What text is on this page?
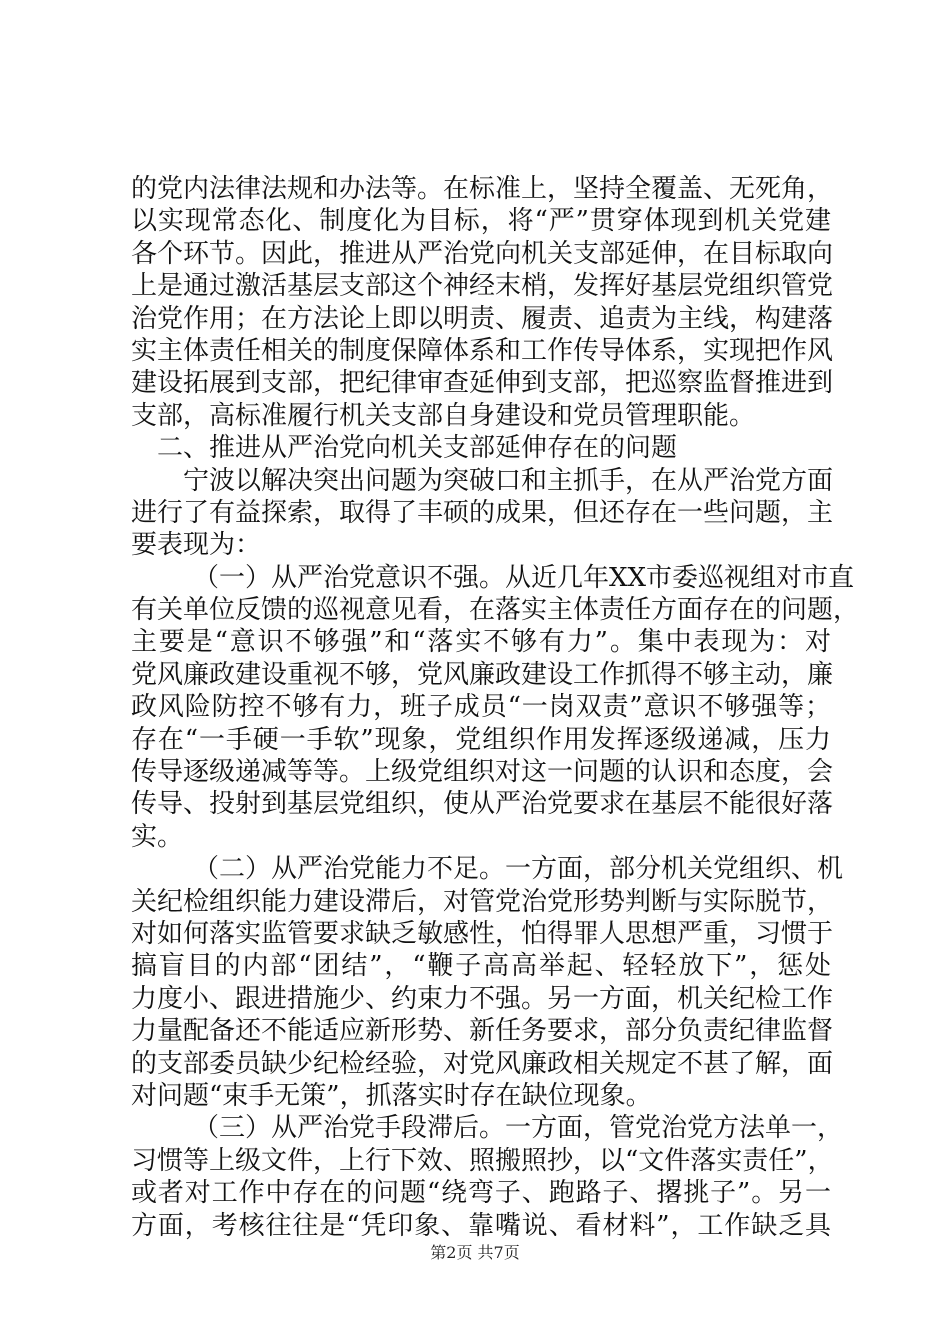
的党内法律法规和办法等。在标准上，坚持全覆盖、无死角，
以实现常态化、制度化为目标，将“严”贯穿体现到机关党建
各个环节。因此，推进从严治党向机关支部延伸，在目标取向
上是通过激活基层支部这个神经末梢，发挥好基层党组织管党
治党作用；在方法论上即以明责、履责、追责为主线，构建落
实主体责任相关的制度保障体系和工作传导体系，实现把作风
建设拓展到支部，把纪律审查延伸到支部，把巡察监督推进到
支部，高标准履行机关支部自身建设和党员管理职能。
二、推进从严治党向机关支部延伸存在的问题
宁波以解决突出问题为突破口和主抓手，在从严治党方面
进行了有益探索，取得了丰硕的成果，但还存在一些问题，主
要表现为：
（一）从严治党意识不强。从近几年XX市委巡视组对市直
有关单位反馈的巡视意见看，在落实主体责任方面存在的问题，
主要是“意识不够强”和“落实不够有力”。集中表现为：对
党风廉政建设重视不够，党风廉政建设工作抓得不够主动，廉
政风险防控不够有力，班子成员“一岗双责”意识不够强等；
存在“一手硬一手软”现象，党组织作用发挥逐级递减，压力
传导逐级递减等等。上级党组织对这一问题的认识和态度，会
传导、投射到基层党组织，使从严治党要求在基层不能很好落
实。
（二）从严治党能力不足。一方面，部分机关党组织、机
关纪检组织能力建设滞后，对管党治党形势判断与实际脱节，
对如何落实监管要求缺乏敏感性，怕得罪人思想严重，习惯于
搞盲目的内部“团结”，“鞭子高高举起、轻轻放下”，惩处
力度小、跟进措施少、约束力不强。另一方面，机关纪检工作
力量配备还不能适应新形势、新任务要求，部分负责纪律监督
的支部委员缺少纪检经验，对党风廉政相关规定不甚了解，面
对问题“束手无策”，抓落实时存在缺位现象。
（三）从严治党手段滞后。一方面，管党治党方法单一，
习惯等上级文件，上行下效、照搬照抄，以“文件落实责任”，
或者对工作中存在的问题“绕弯子、跑路子、撂挑子”。另一
方面，考核往往是“凭印象、靠嘴说、看材料”，工作缺乏具
第2页 共7页
